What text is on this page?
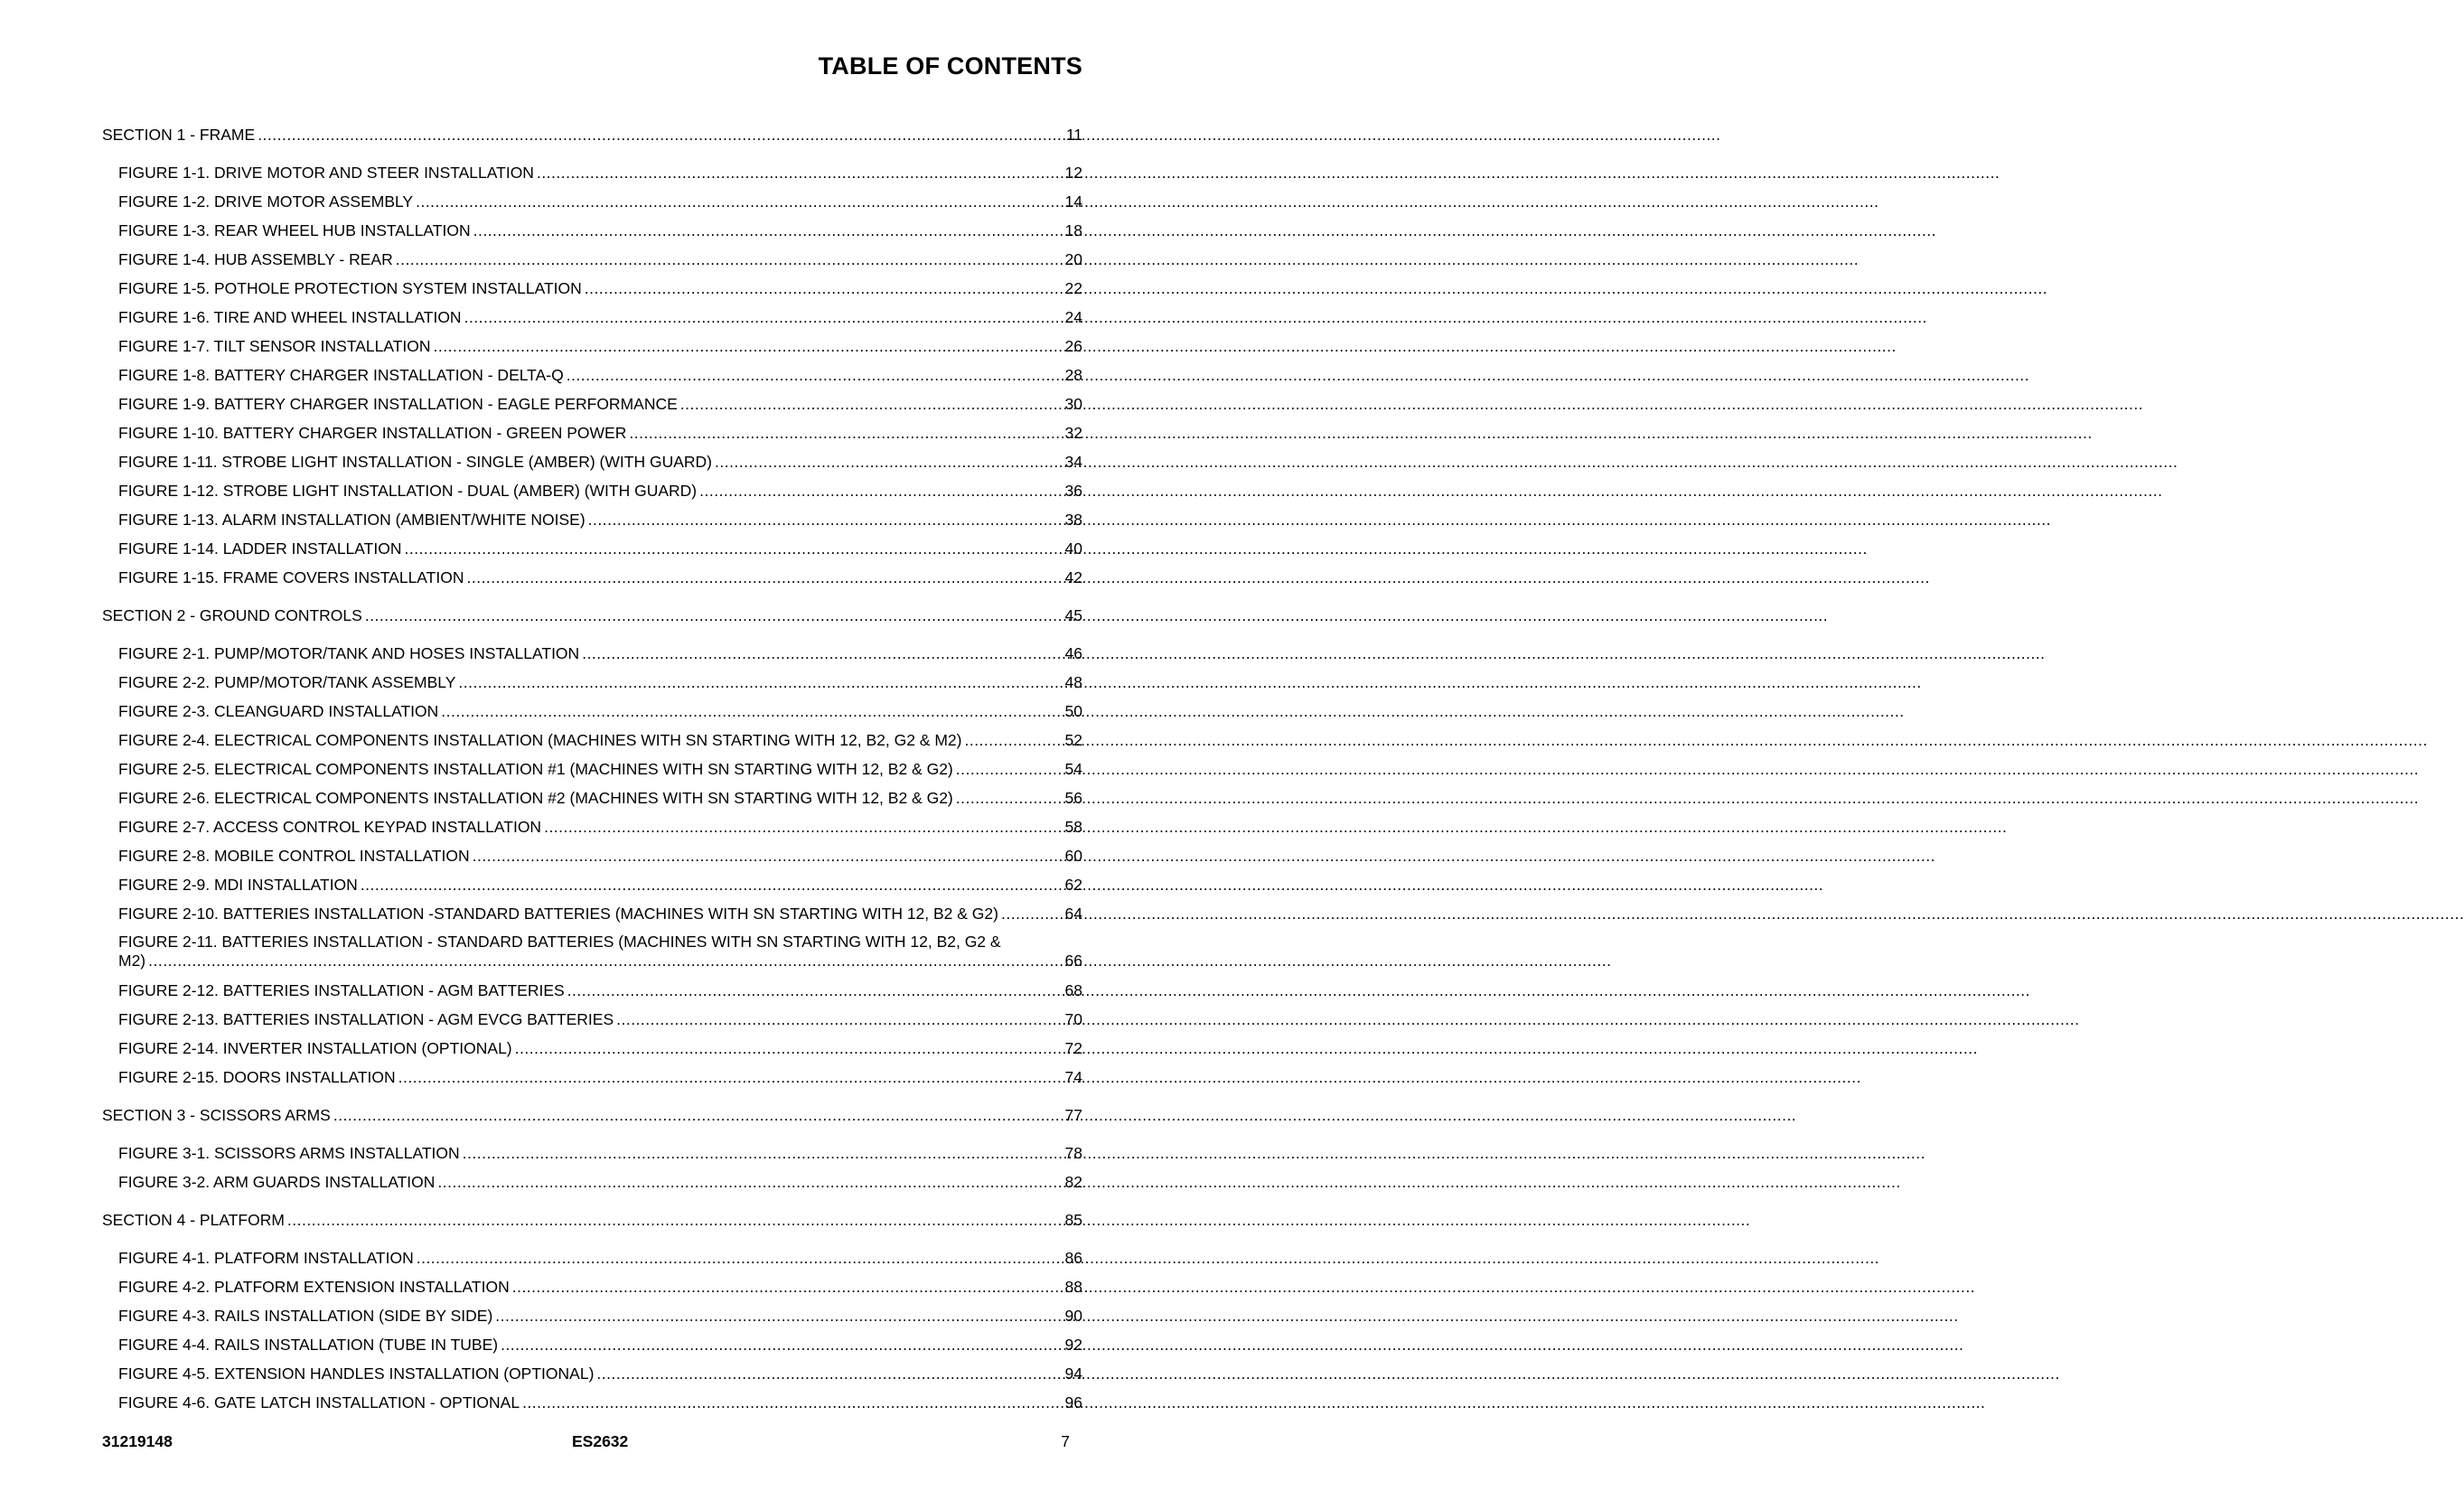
TABLE OF CONTENTS
SECTION 1 - FRAME .....	11
FIGURE 1-1. DRIVE MOTOR AND STEER INSTALLATION .....	12
FIGURE 1-2. DRIVE MOTOR ASSEMBLY .....	14
FIGURE 1-3. REAR WHEEL HUB INSTALLATION .....	18
FIGURE 1-4. HUB ASSEMBLY - REAR .....	20
FIGURE 1-5. POTHOLE PROTECTION SYSTEM INSTALLATION .....	22
FIGURE 1-6. TIRE AND WHEEL INSTALLATION .....	24
FIGURE 1-7. TILT SENSOR INSTALLATION .....	26
FIGURE 1-8. BATTERY CHARGER INSTALLATION - DELTA-Q .....	28
FIGURE 1-9. BATTERY CHARGER INSTALLATION - EAGLE PERFORMANCE .....	30
FIGURE 1-10. BATTERY CHARGER INSTALLATION - GREEN POWER .....	32
FIGURE 1-11. STROBE LIGHT INSTALLATION - SINGLE (AMBER) (WITH GUARD) .....	34
FIGURE 1-12. STROBE LIGHT INSTALLATION - DUAL (AMBER) (WITH GUARD) .....	36
FIGURE 1-13. ALARM INSTALLATION (AMBIENT/WHITE NOISE) .....	38
FIGURE 1-14. LADDER INSTALLATION .....	40
FIGURE 1-15. FRAME COVERS INSTALLATION .....	42
SECTION 2 - GROUND CONTROLS .....	45
FIGURE 2-1. PUMP/MOTOR/TANK AND HOSES INSTALLATION .....	46
FIGURE 2-2. PUMP/MOTOR/TANK ASSEMBLY .....	48
FIGURE 2-3. CLEANGUARD INSTALLATION .....	50
FIGURE 2-4. ELECTRICAL COMPONENTS INSTALLATION (MACHINES WITH SN STARTING WITH 12, B2, G2 & M2) .....	52
FIGURE 2-5. ELECTRICAL COMPONENTS INSTALLATION #1 (MACHINES WITH SN STARTING WITH 12, B2 & G2) .....	54
FIGURE 2-6. ELECTRICAL COMPONENTS INSTALLATION #2 (MACHINES WITH SN STARTING WITH 12, B2 & G2) .....	56
FIGURE 2-7. ACCESS CONTROL KEYPAD INSTALLATION .....	58
FIGURE 2-8. MOBILE CONTROL INSTALLATION .....	60
FIGURE 2-9. MDI INSTALLATION .....	62
FIGURE 2-10. BATTERIES INSTALLATION -STANDARD BATTERIES (MACHINES WITH SN STARTING WITH 12, B2 & G2) .....	64
FIGURE 2-11. BATTERIES INSTALLATION - STANDARD BATTERIES (MACHINES WITH SN STARTING WITH 12, B2, G2 &
M2) .....	66
FIGURE 2-12. BATTERIES INSTALLATION - AGM BATTERIES .....	68
FIGURE 2-13. BATTERIES INSTALLATION - AGM EVCG BATTERIES .....	70
FIGURE 2-14. INVERTER INSTALLATION (OPTIONAL) .....	72
FIGURE 2-15. DOORS INSTALLATION .....	74
SECTION 3 - SCISSORS ARMS .....	77
FIGURE 3-1. SCISSORS ARMS INSTALLATION .....	78
FIGURE 3-2. ARM GUARDS INSTALLATION .....	82
SECTION 4 - PLATFORM .....	85
FIGURE 4-1. PLATFORM INSTALLATION .....	86
FIGURE 4-2. PLATFORM EXTENSION INSTALLATION .....	88
FIGURE 4-3. RAILS INSTALLATION (SIDE BY SIDE) .....	90
FIGURE 4-4. RAILS INSTALLATION (TUBE IN TUBE) .....	92
FIGURE 4-5. EXTENSION HANDLES INSTALLATION (OPTIONAL) .....	94
FIGURE 4-6. GATE LATCH INSTALLATION - OPTIONAL .....	96
31219148	ES2632	7
